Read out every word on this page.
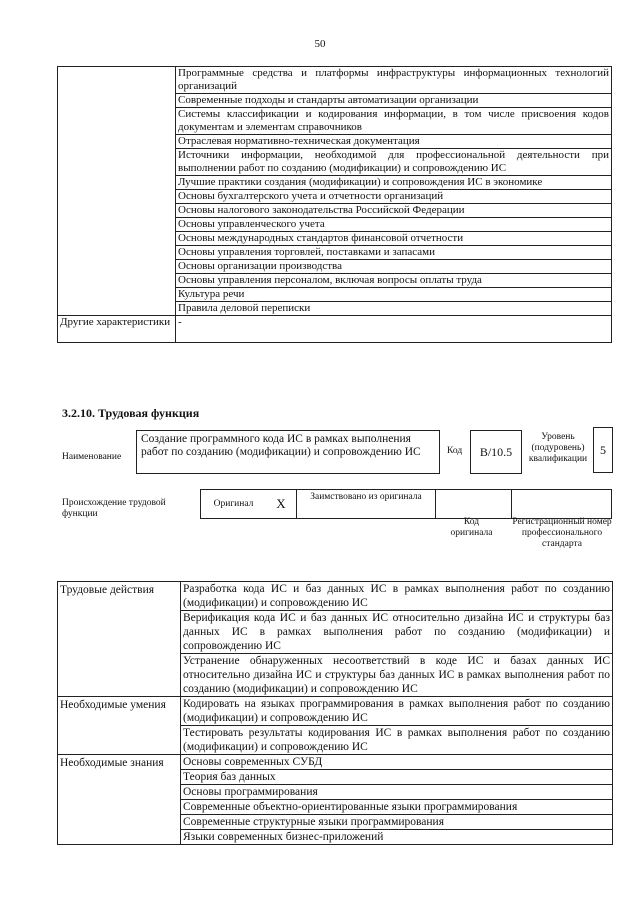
50
	Программные средства и платформы инфраструктуры информационных технологий организаций
	Современные подходы и стандарты автоматизации организации
	Системы классификации и кодирования информации, в том числе присвоения кодов документам и элементам справочников
	Отраслевая нормативно-техническая документация
	Источники информации, необходимой для профессиональной деятельности при выполнении работ по созданию (модификации) и сопровождению ИС
	Лучшие практики создания (модификации) и сопровождения ИС в экономике
	Основы бухгалтерского учета и отчетности организаций
	Основы налогового законодательства Российской Федерации
	Основы управленческого учета
	Основы международных стандартов финансовой отчетности
	Основы управления торговлей, поставками и запасами
	Основы организации производства
	Основы управления персоналом, включая вопросы оплаты труда
	Культура речи
	Правила деловой переписки
Другие характеристики	-
3.2.10. Трудовая функция
Наименование
Создание программного кода ИС в рамках выполнения работ по созданию (модификации) и сопровождению ИС	Код B/10.5
Уровень (подуровень) квалификации
5
Происхождение трудовой функции
Оригинал	X	Заимствовано из оригинала
Код оригинала
Регистрационный номер профессионального стандарта
Трудовые действия	Разработка кода ИС и баз данных ИС в рамках выполнения работ по созданию (модификации) и сопровождению ИС
	Верификация кода ИС и баз данных ИС относительно дизайна ИС и структуры баз данных ИС в рамках выполнения работ по созданию (модификации) и сопровождению ИС
	Устранение обнаруженных несоответствий в коде ИС и базах данных ИС относительно дизайна ИС и структуры баз данных ИС в рамках выполнения работ по созданию (модификации) и сопровождению ИС
Необходимые умения	Кодировать на языках программирования в рамках выполнения работ по созданию (модификации) и сопровождению ИС
	Тестировать результаты кодирования ИС в рамках выполнения работ по созданию (модификации) и сопровождению ИС
Необходимые знания	Основы современных СУБД
	Теория баз данных
	Основы программирования
	Современные объектно-ориентированные языки программирования
	Современные структурные языки программирования
	Языки современных бизнес-приложений
